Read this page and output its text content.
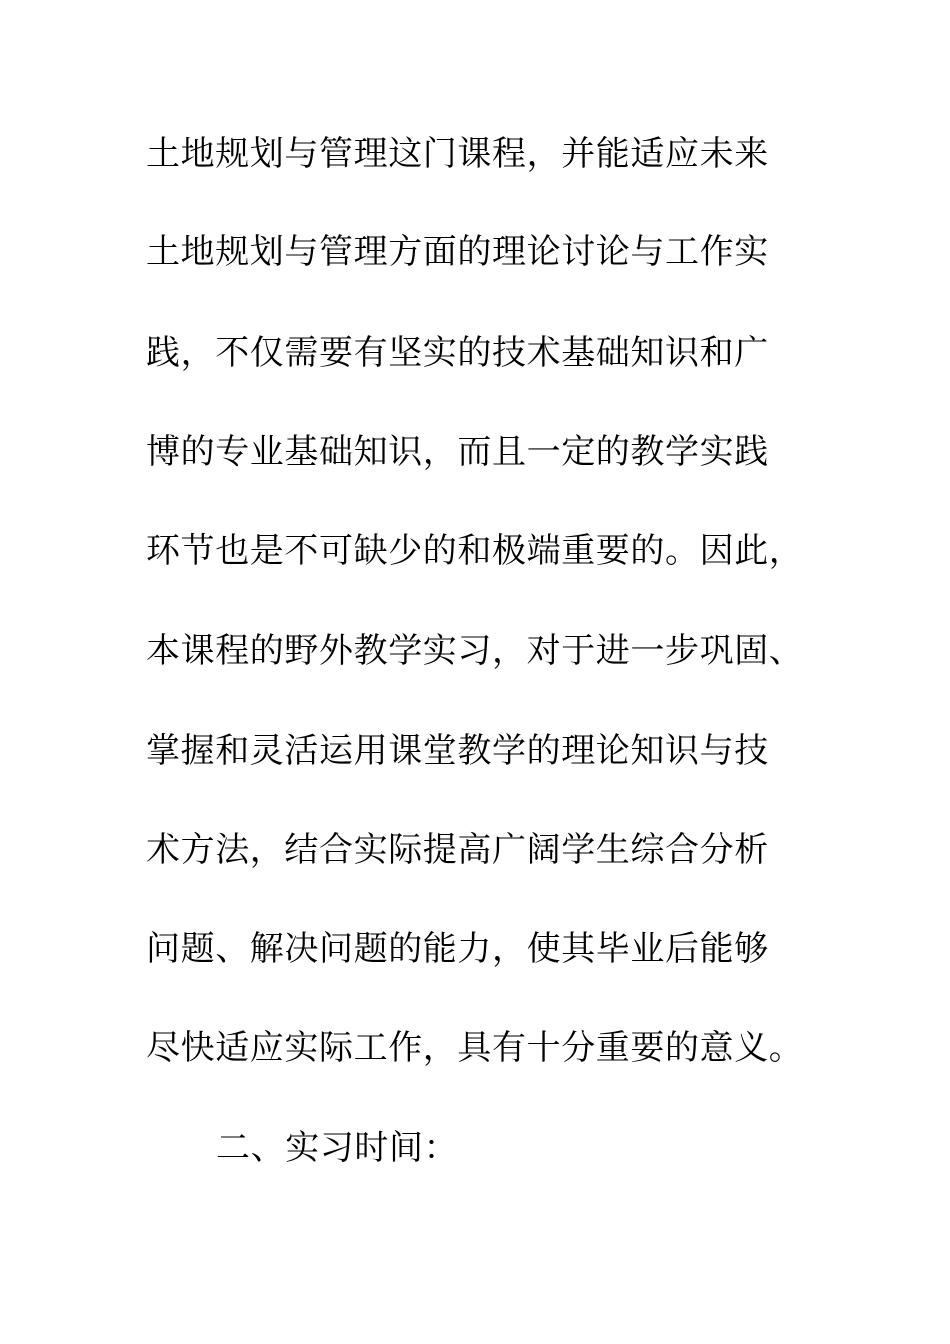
土地规划与管理这门课程，并能适应未来
土地规划与管理方面的理论讨论与工作实
践，不仅需要有坚实的技术基础知识和广
博的专业基础知识，而且一定的教学实践
环节也是不可缺少的和极端重要的。因此，
本课程的野外教学实习，对于进一步巩固、
掌握和灵活运用课堂教学的理论知识与技
术方法，结合实际提高广阔学生综合分析
问题、解决问题的能力，使其毕业后能够
尽快适应实际工作，具有十分重要的意义。
二、实习时间：
